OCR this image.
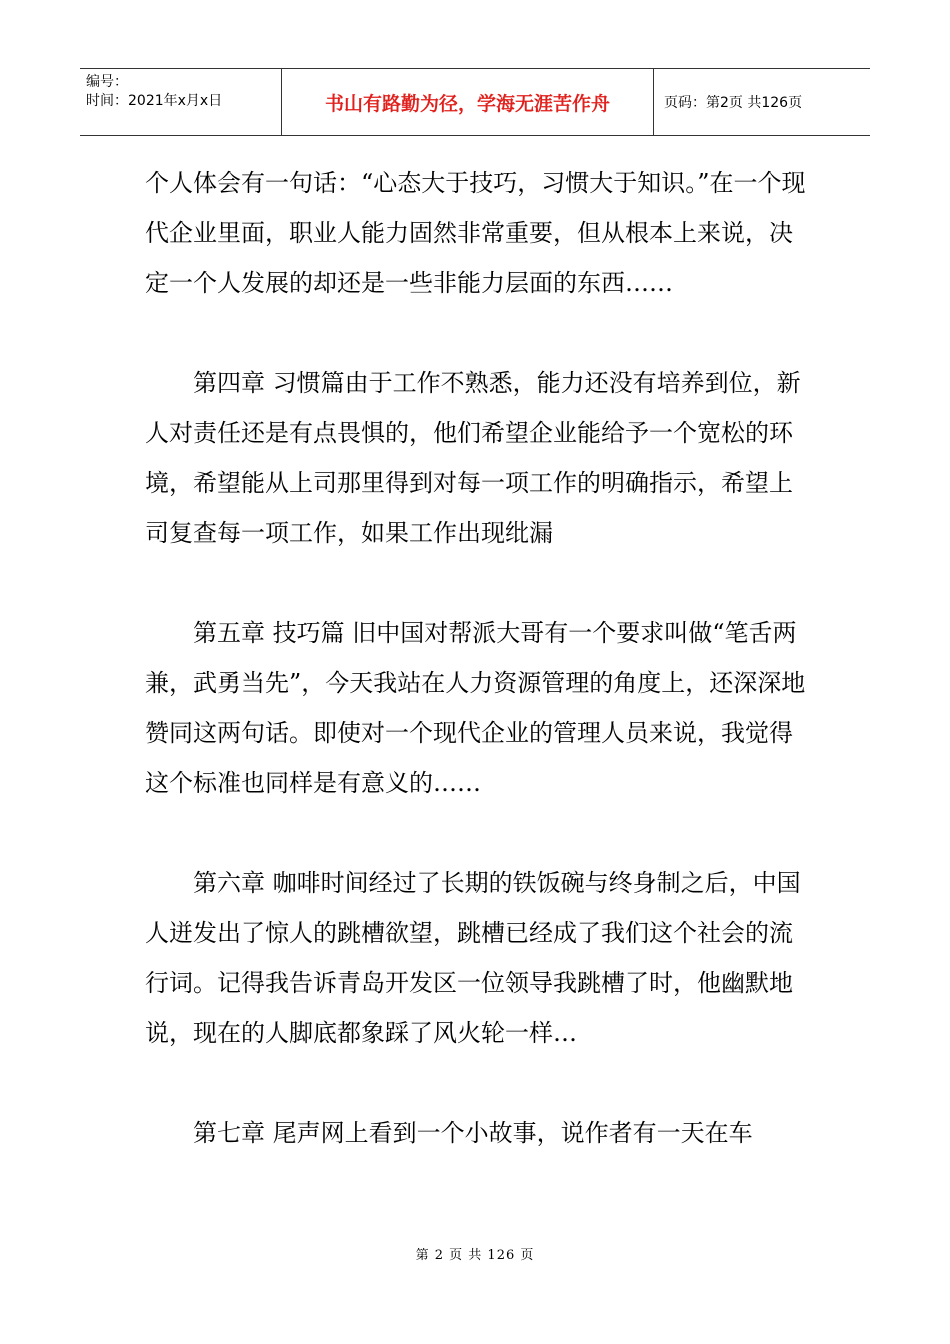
编号：
时间：2021年x月x日	书山有路勤为径，学海无涯苦作舟	页码：第2页 共126页

个人体会有一句话：“心态大于技巧，习惯大于知识。”在一个现代企业里面，职业人能力固然非常重要，但从根本上来说，决定一个人发展的却还是一些非能力层面的东西……

第四章 习惯篇由于工作不熟悉，能力还没有培养到位，新人对责任还是有点畏惧的，他们希望企业能给予一个宽松的环境，希望能从上司那里得到对每一项工作的明确指示，希望上司复查每一项工作，如果工作出现纰漏

第五章 技巧篇 旧中国对帮派大哥有一个要求叫做“笔舌两兼，武勇当先”，今天我站在人力资源管理的角度上，还深深地赞同这两句话。即使对一个现代企业的管理人员来说，我觉得这个标准也同样是有意义的……

第六章 咖啡时间经过了长期的铁饭碗与终身制之后，中国人迸发出了惊人的跳槽欲望，跳槽已经成了我们这个社会的流行词。记得我告诉青岛开发区一位领导我跳槽了时，他幽默地说，现在的人脚底都象踩了风火轮一样…

第七章 尾声网上看到一个小故事，说作者有一天在车

第 2 页 共 126 页
